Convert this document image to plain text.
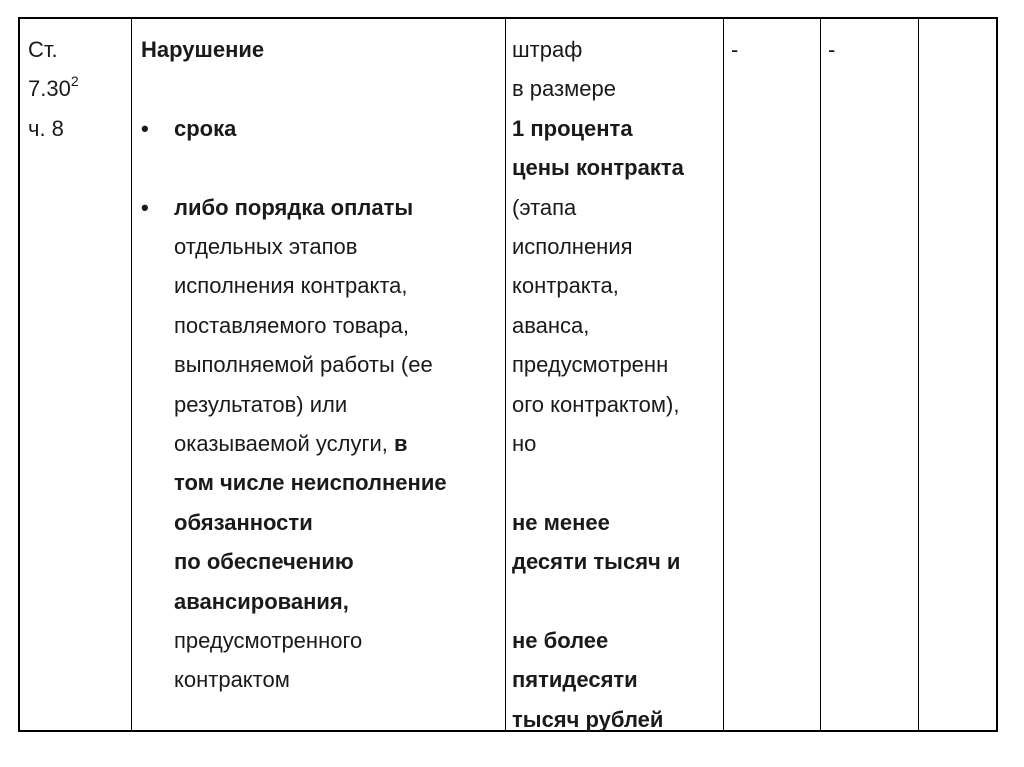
Ст.
7.30$^2$
ч. 8
Нарушение
• срока
• либо порядка оплаты
отдельных этапов
исполнения контракта,
поставляемого товара,
выполняемой работы (ее
результатов) или
оказываемой услуги, в
том числе неисполнение
обязанности
по обеспечению
авансирования,
предусмотренного
контрактом
штраф
в размере
1 процента
цены контракта
(этапа
исполнения
контракта,
аванса,
предусмотренн
ого контрактом),
но
не менее
десяти тысяч и
не более
пятидесяти
тысяч рублей
-	-
